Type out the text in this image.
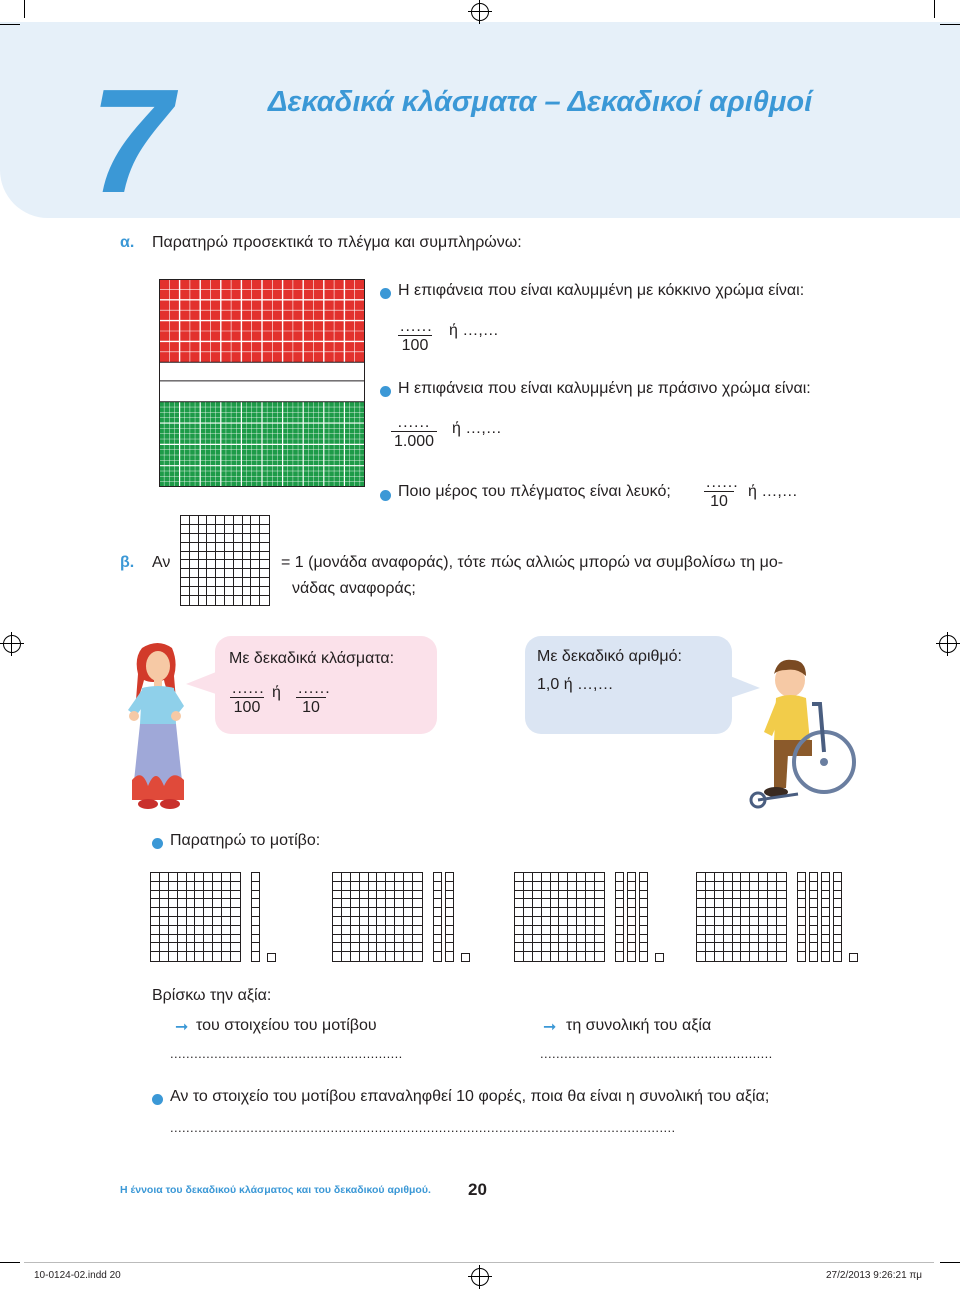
7	Δεκαδικά κλάσματα – Δεκαδικοί αριθμοί
α. Παρατηρώ προσεκτικά το πλέγμα και συμπληρώνω:
Η επιφάνεια που είναι καλυμμένη με κόκκινο χρώμα είναι:
......
100
ή …,…
Η επιφάνεια που είναι καλυμμένη με πράσινο χρώμα είναι:
......
1.000
ή …,…
Ποιο μέρος του πλέγματος είναι λευκό;
......
10
ή …,…
β. Αν	= 1 (μονάδα αναφοράς), τότε πώς αλλιώς μπορώ να συμβολίσω τη μο-
νάδας αναφοράς;
Με δεκαδικά κλάσματα:
......
100
ή ......
10
Με δεκαδικό αριθμό:
1,0 ή …,…
Παρατηρώ το μοτίβο:
Βρίσκω την αξία:
➞ του στοιχείου του μοτίβου	➞ τη συνολική του αξία
..........................................................	..........................................................
Αν το στοιχείο του μοτίβου επαναληφθεί 10 φορές, ποια θα είναι η συνολική του αξία;
..............................................................................................................................
Η έννοια του δεκαδικού κλάσματος και του δεκαδικού αριθμού. 20
10-0124-02.indd 20	27/2/2013 9:26:21 πμ
